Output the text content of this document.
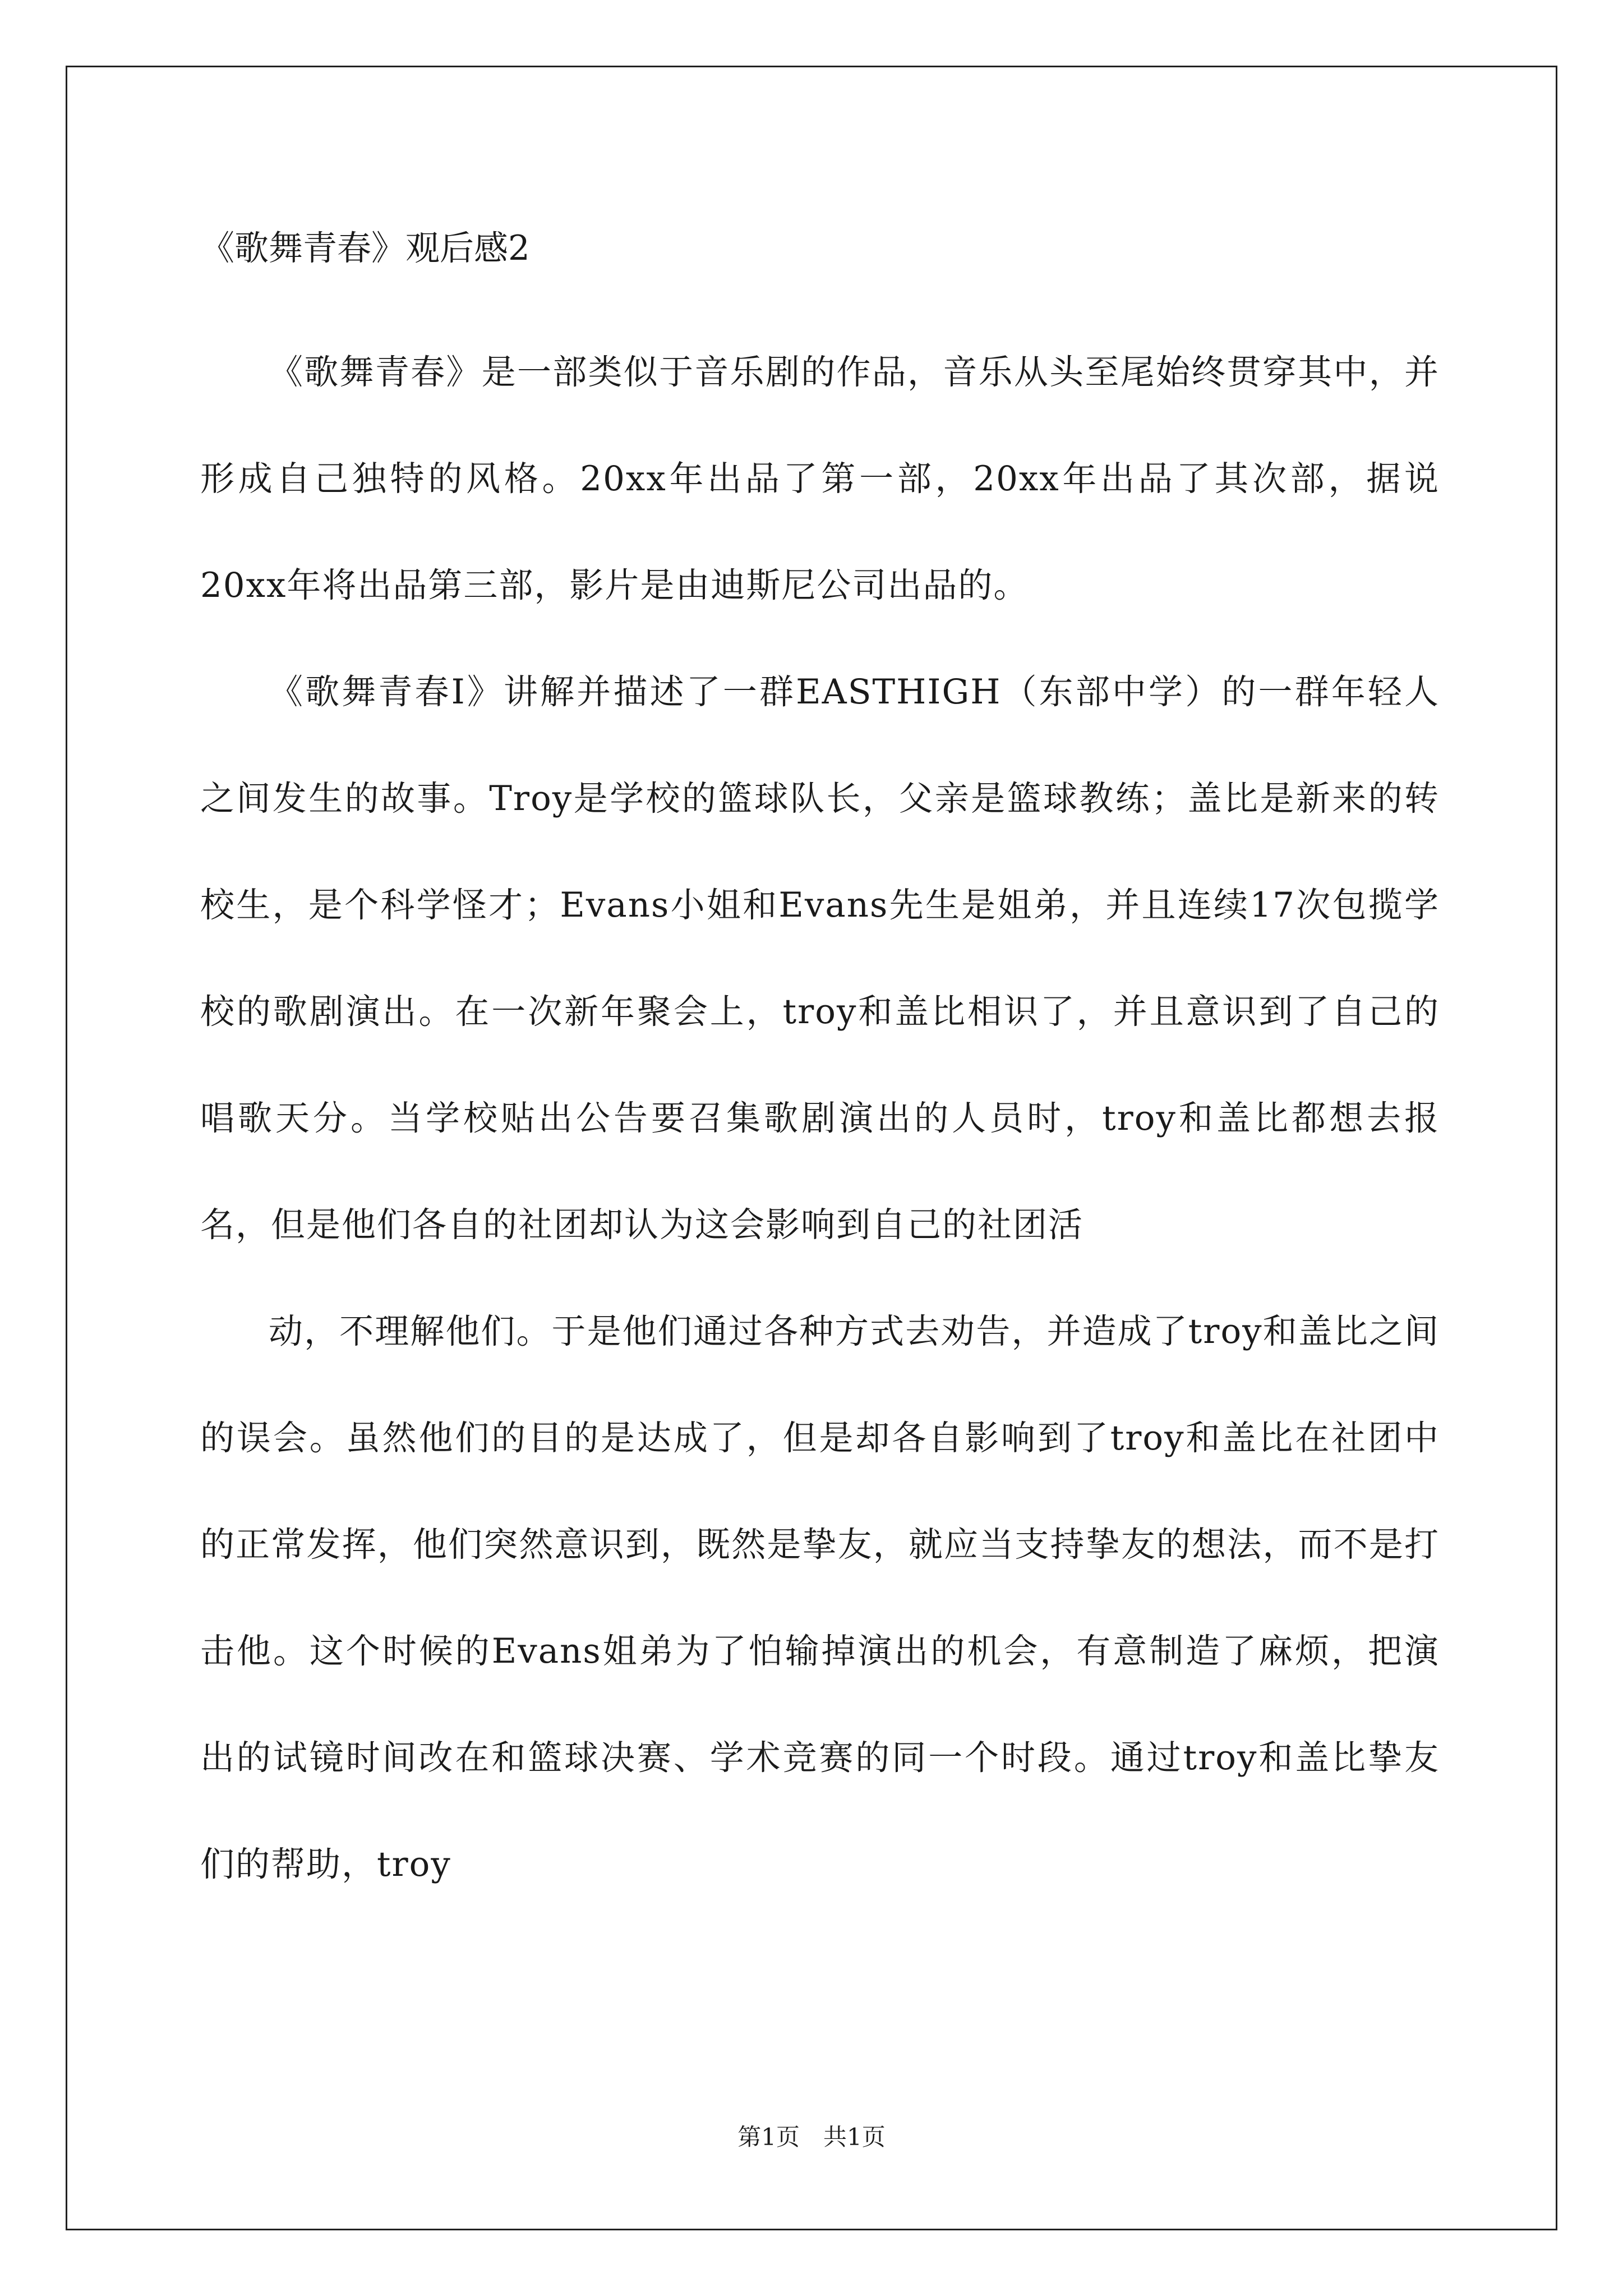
《歌舞青春》观后感2

《歌舞青春》是一部类似于音乐剧的作品，音乐从头至尾始终贯穿其中，并形成自己独特的风格。20xx年出品了第一部，20xx年出品了其次部，据说20xx年将出品第三部，影片是由迪斯尼公司出品的。

《歌舞青春I》讲解并描述了一群EASTHIGH（东部中学）的一群年轻人之间发生的故事。Troy是学校的篮球队长，父亲是篮球教练；盖比是新来的转校生，是个科学怪才；Evans小姐和Evans先生是姐弟，并且连续17次包揽学校的歌剧演出。在一次新年聚会上，troy和盖比相识了，并且意识到了自己的唱歌天分。当学校贴出公告要召集歌剧演出的人员时，troy和盖比都想去报名，但是他们各自的社团却认为这会影响到自己的社团活

动，不理解他们。于是他们通过各种方式去劝告，并造成了troy和盖比之间的误会。虽然他们的目的是达成了，但是却各自影响到了troy和盖比在社团中的正常发挥，他们突然意识到，既然是挚友，就应当支持挚友的想法，而不是打击他。这个时候的Evans姐弟为了怕输掉演出的机会，有意制造了麻烦，把演出的试镜时间改在和篮球决赛、学术竞赛的同一个时段。通过troy和盖比挚友们的帮助，troy

第1页　共1页
